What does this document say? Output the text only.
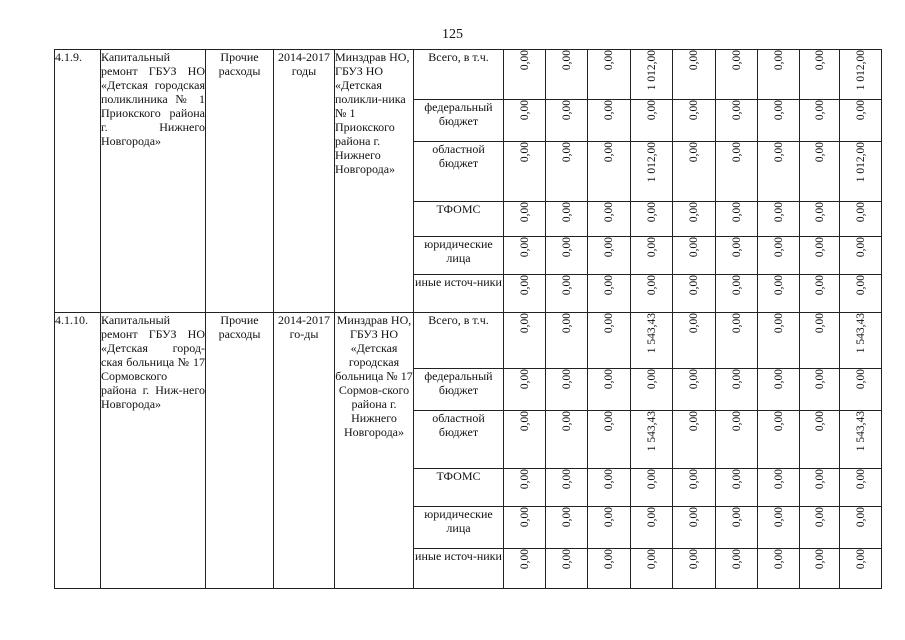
125
4.1.9.	Капитальный ремонт ГБУЗ НО «Детская городская поликлиника № 1 Приокского района г. Нижнего Новгорода»	Прочие расходы	2014-2017 годы	Минздрав НО, ГБУЗ НО «Детская поликли-ника № 1 Приокского района г. Нижнего Новгорода»	Всего, в т.ч.	0,00	0,00	0,00	1 012,00	0,00	0,00	0,00	0,00	1 012,00
					федеральный бюджет	0,00	0,00	0,00	0,00	0,00	0,00	0,00	0,00	0,00
					областной бюджет	0,00	0,00	0,00	1 012,00	0,00	0,00	0,00	0,00	1 012,00
					ТФОМС	0,00	0,00	0,00	0,00	0,00	0,00	0,00	0,00	0,00
					юридические лица	0,00	0,00	0,00	0,00	0,00	0,00	0,00	0,00	0,00
					иные источ-ники	0,00	0,00	0,00	0,00	0,00	0,00	0,00	0,00	0,00
4.1.10.	Капитальный ремонт ГБУЗ НО «Детская город-ская больница № 17 Сормовского района г. Ниж-него Новгорода»	Прочие расходы	2014-2017 го-ды	Минздрав НО, ГБУЗ НО «Детская городская больница № 17 Сормов-ского района г. Нижнего Новгорода»	Всего, в т.ч.	0,00	0,00	0,00	1 543,43	0,00	0,00	0,00	0,00	1 543,43
					федеральный бюджет	0,00	0,00	0,00	0,00	0,00	0,00	0,00	0,00	0,00
					областной бюджет	0,00	0,00	0,00	1 543,43	0,00	0,00	0,00	0,00	1 543,43
					ТФОМС	0,00	0,00	0,00	0,00	0,00	0,00	0,00	0,00	0,00
					юридические лица	0,00	0,00	0,00	0,00	0,00	0,00	0,00	0,00	0,00
					иные источ-ники	0,00	0,00	0,00	0,00	0,00	0,00	0,00	0,00	0,00
